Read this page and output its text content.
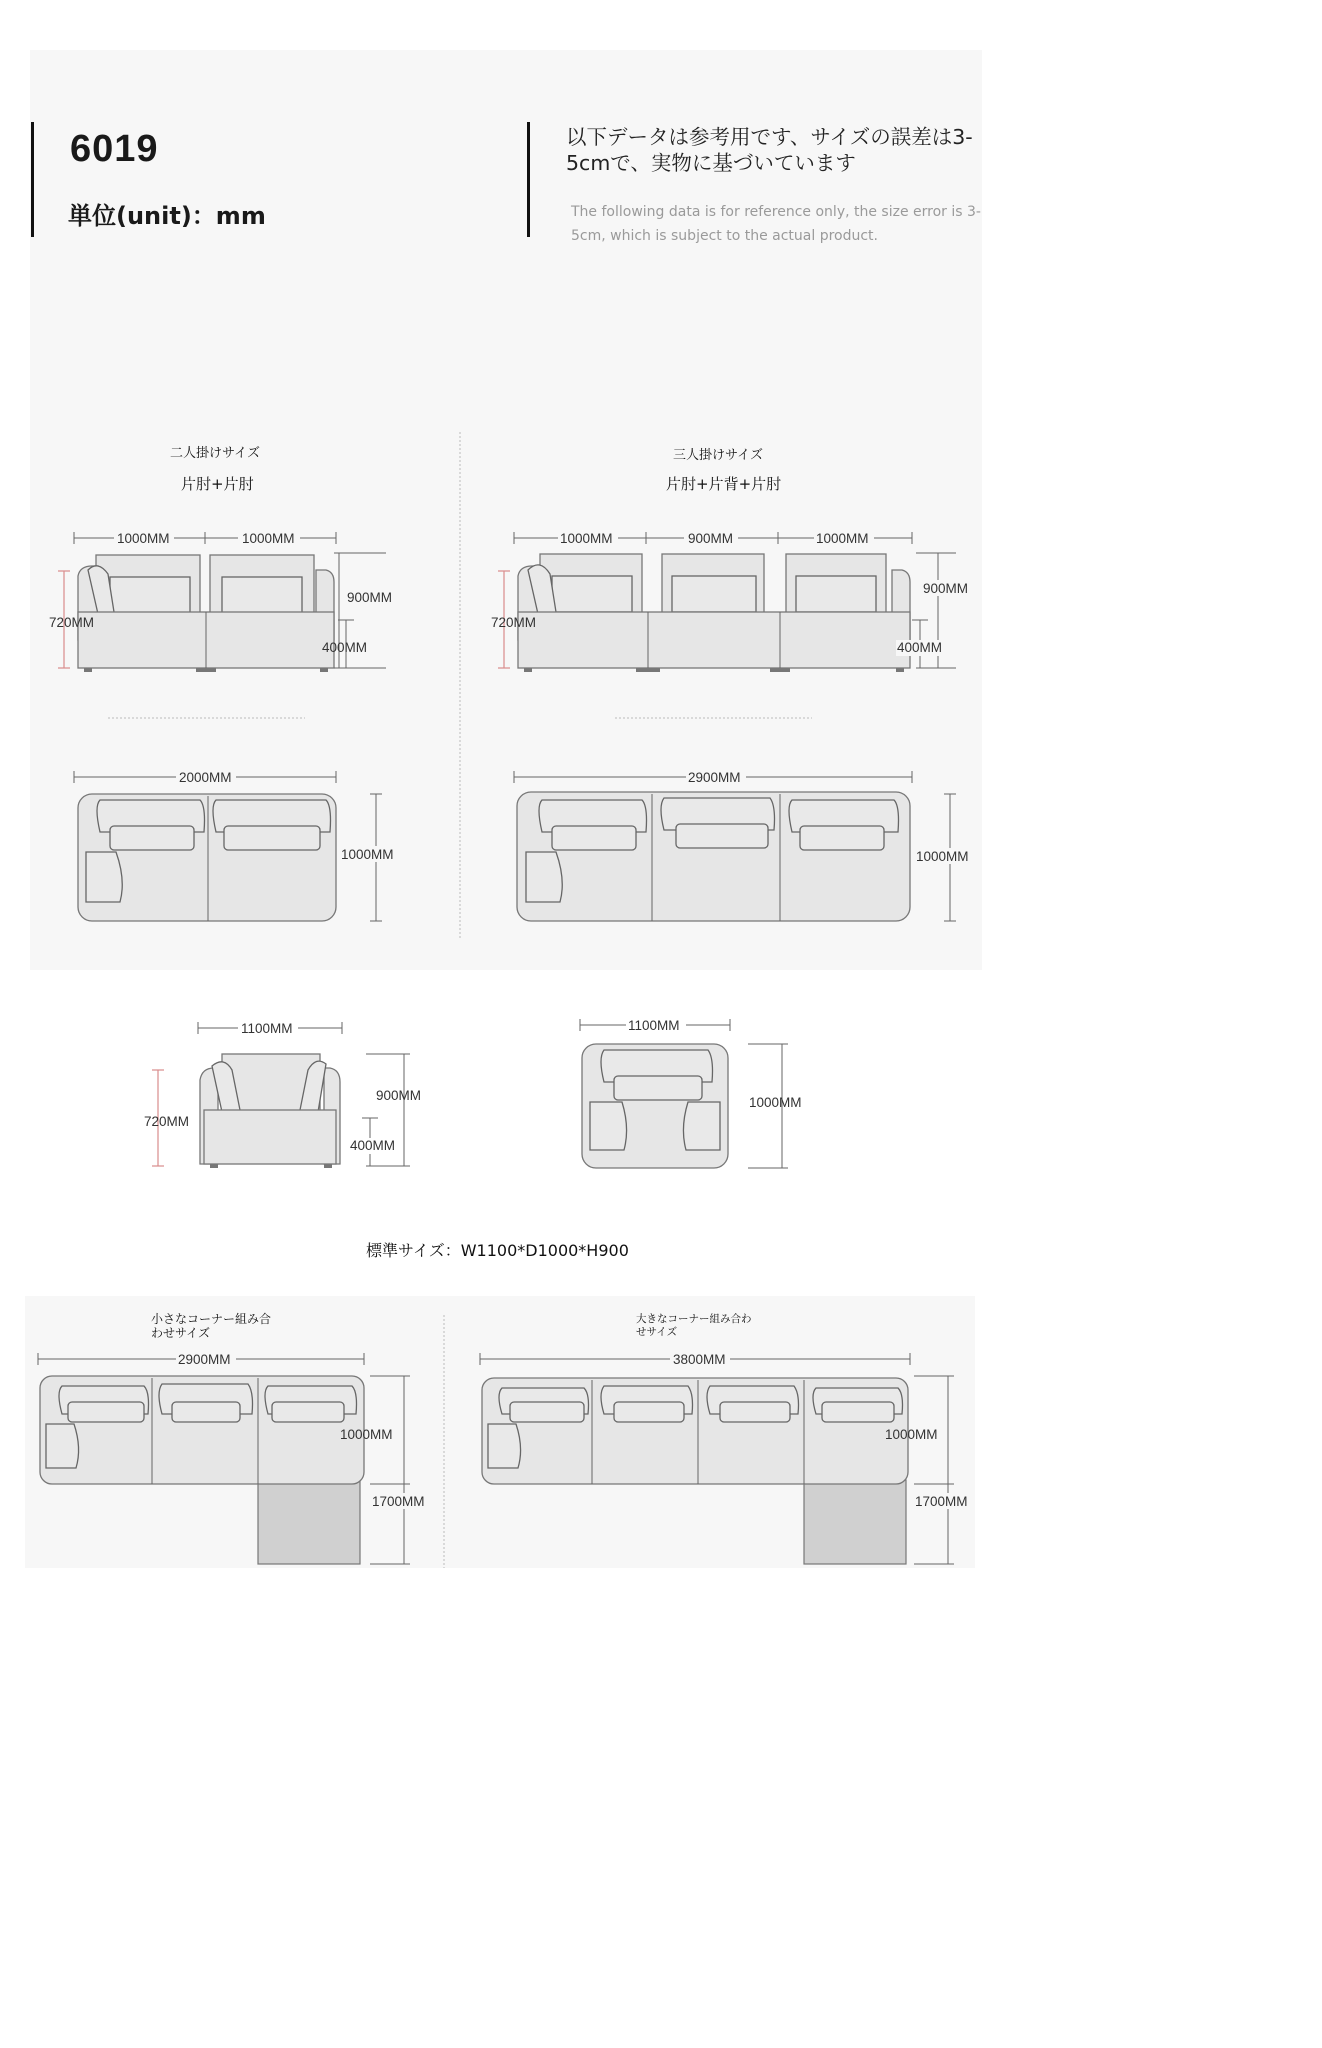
6019
単位(unit)：mm
以下データは参考用です、サイズの誤差は3-5cmで、実物に基づいています
The following data is for reference only, the size error is 3-5cm, which is subject to the actual product.
二人掛けサイズ
片肘+片肘
三人掛けサイズ
片肘+片背+片肘
標準サイズ：W1100*D1000*H900
小さなコーナー組み合わせサイズ
大きなコーナー組み合わせサイズ
1000MM	1000MM
900MM
720MM
400MM
2000MM
1000MM
1000MM	900MM	1000MM
900MM
720MM
400MM
2900MM
1000MM
1100MM
900MM
720MM
400MM
1100MM
1000MM
2900MM
1000MM
1700MM
3800MM
1000MM
1700MM
